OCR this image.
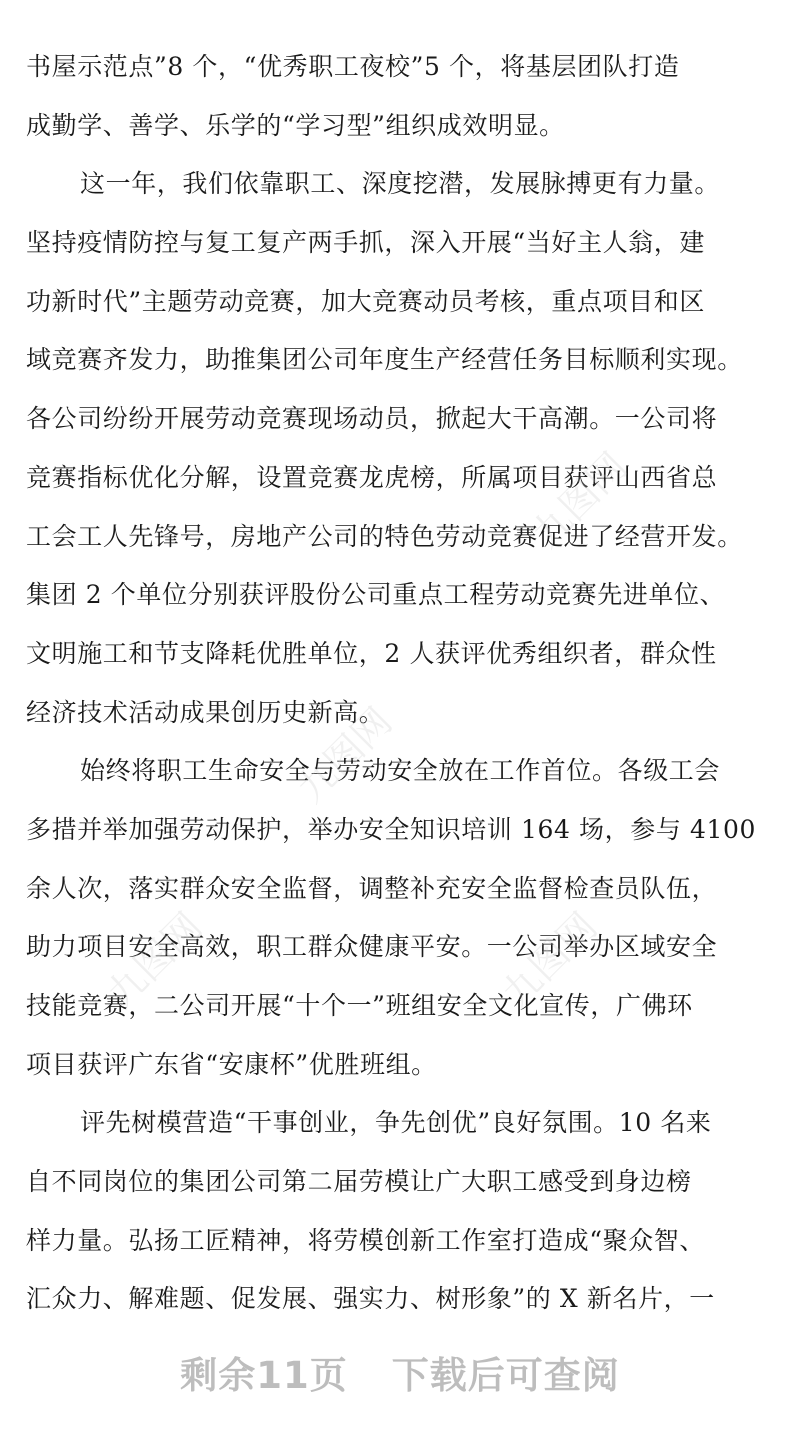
书屋示范点”8 个，“优秀职工夜校”5 个，将基层团队打造
成勤学、善学、乐学的“学习型”组织成效明显。
这一年，我们依靠职工、深度挖潜，发展脉搏更有力量。
坚持疫情防控与复工复产两手抓，深入开展“当好主人翁，建
功新时代”主题劳动竞赛，加大竞赛动员考核，重点项目和区
域竞赛齐发力，助推集团公司年度生产经营任务目标顺利实现。
各公司纷纷开展劳动竞赛现场动员，掀起大干高潮。一公司将
竞赛指标优化分解，设置竞赛龙虎榜，所属项目获评山西省总
工会工人先锋号，房地产公司的特色劳动竞赛促进了经营开发。
集团 2 个单位分别获评股份公司重点工程劳动竞赛先进单位、
文明施工和节支降耗优胜单位，2 人获评优秀组织者，群众性
经济技术活动成果创历史新高。
始终将职工生命安全与劳动安全放在工作首位。各级工会
多措并举加强劳动保护，举办安全知识培训 164 场，参与 4100
余人次，落实群众安全监督，调整补充安全监督检查员队伍，
助力项目安全高效，职工群众健康平安。一公司举办区域安全
技能竞赛，二公司开展“十个一”班组安全文化宣传，广佛环
项目获评广东省“安康杯”优胜班组。
评先树模营造“干事创业，争先创优”良好氛围。10 名来
自不同岗位的集团公司第二届劳模让广大职工感受到身边榜
样力量。弘扬工匠精神，将劳模创新工作室打造成“聚众智、
汇众力、解难题、促发展、强实力、树形象”的 X 新名片，一
九图网
九图网
九图网	九图网
剩余11页 下载后可查阅
